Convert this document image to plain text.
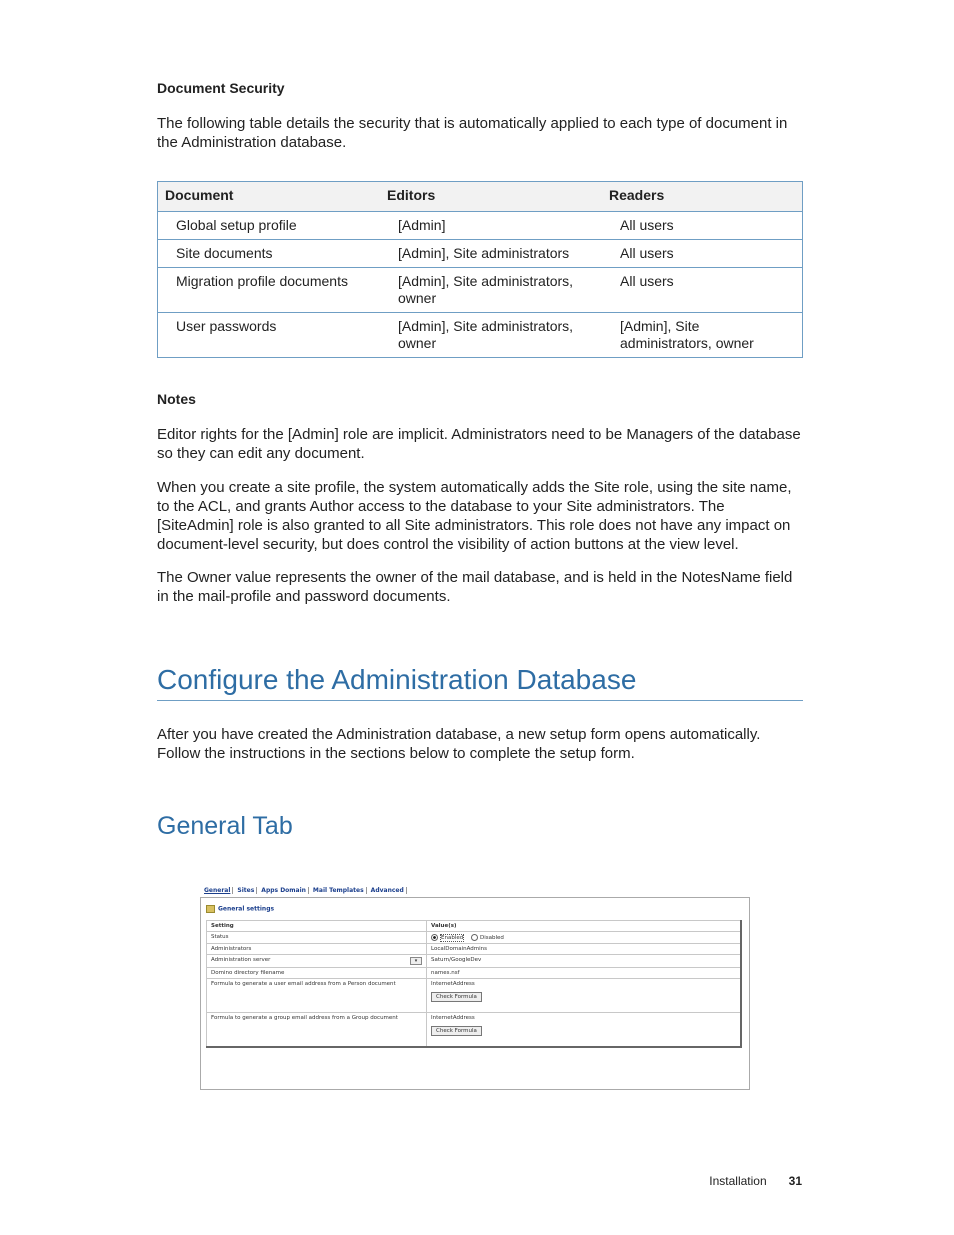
Document Security

The following table details the security that is automatically applied to each type of document in the Administration database.

Document	Editors	Readers
Global setup profile	[Admin]	All users
Site documents	[Admin], Site administrators	All users
Migration profile documents	[Admin], Site administrators, owner	All users
User passwords	[Admin], Site administrators, owner	[Admin], Site administrators, owner
Notes

Editor rights for the [Admin] role are implicit. Administrators need to be Managers of the database so they can edit any document.

When you create a site profile, the system automatically adds the Site role, using the site name, to the ACL, and grants Author access to the database to your Site administrators. The [SiteAdmin] role is also granted to all Site administrators. This role does not have any impact on document-level security, but does control the visibility of action buttons at the view level.

The Owner value represents the owner of the mail database, and is held in the NotesName field in the mail-profile and password documents.

Configure the Administration Database

After you have created the Administration database, a new setup form opens automatically. Follow the instructions in the sections below to complete the setup form.

General Tab
General Sites Apps Domain Mail Templates Advanced
General settings
Setting	Value(s)
Status	Enabled Disabled
Administrators	LocalDomainAdmins
Administration server ▾	Saturn/GoogleDev
Domino directory filename	names.nsf
Formula to generate a user email address from a Person document	InternetAddress
Check Formula
Formula to generate a group email address from a Group document	InternetAddress
Check Formula
Installation 31
